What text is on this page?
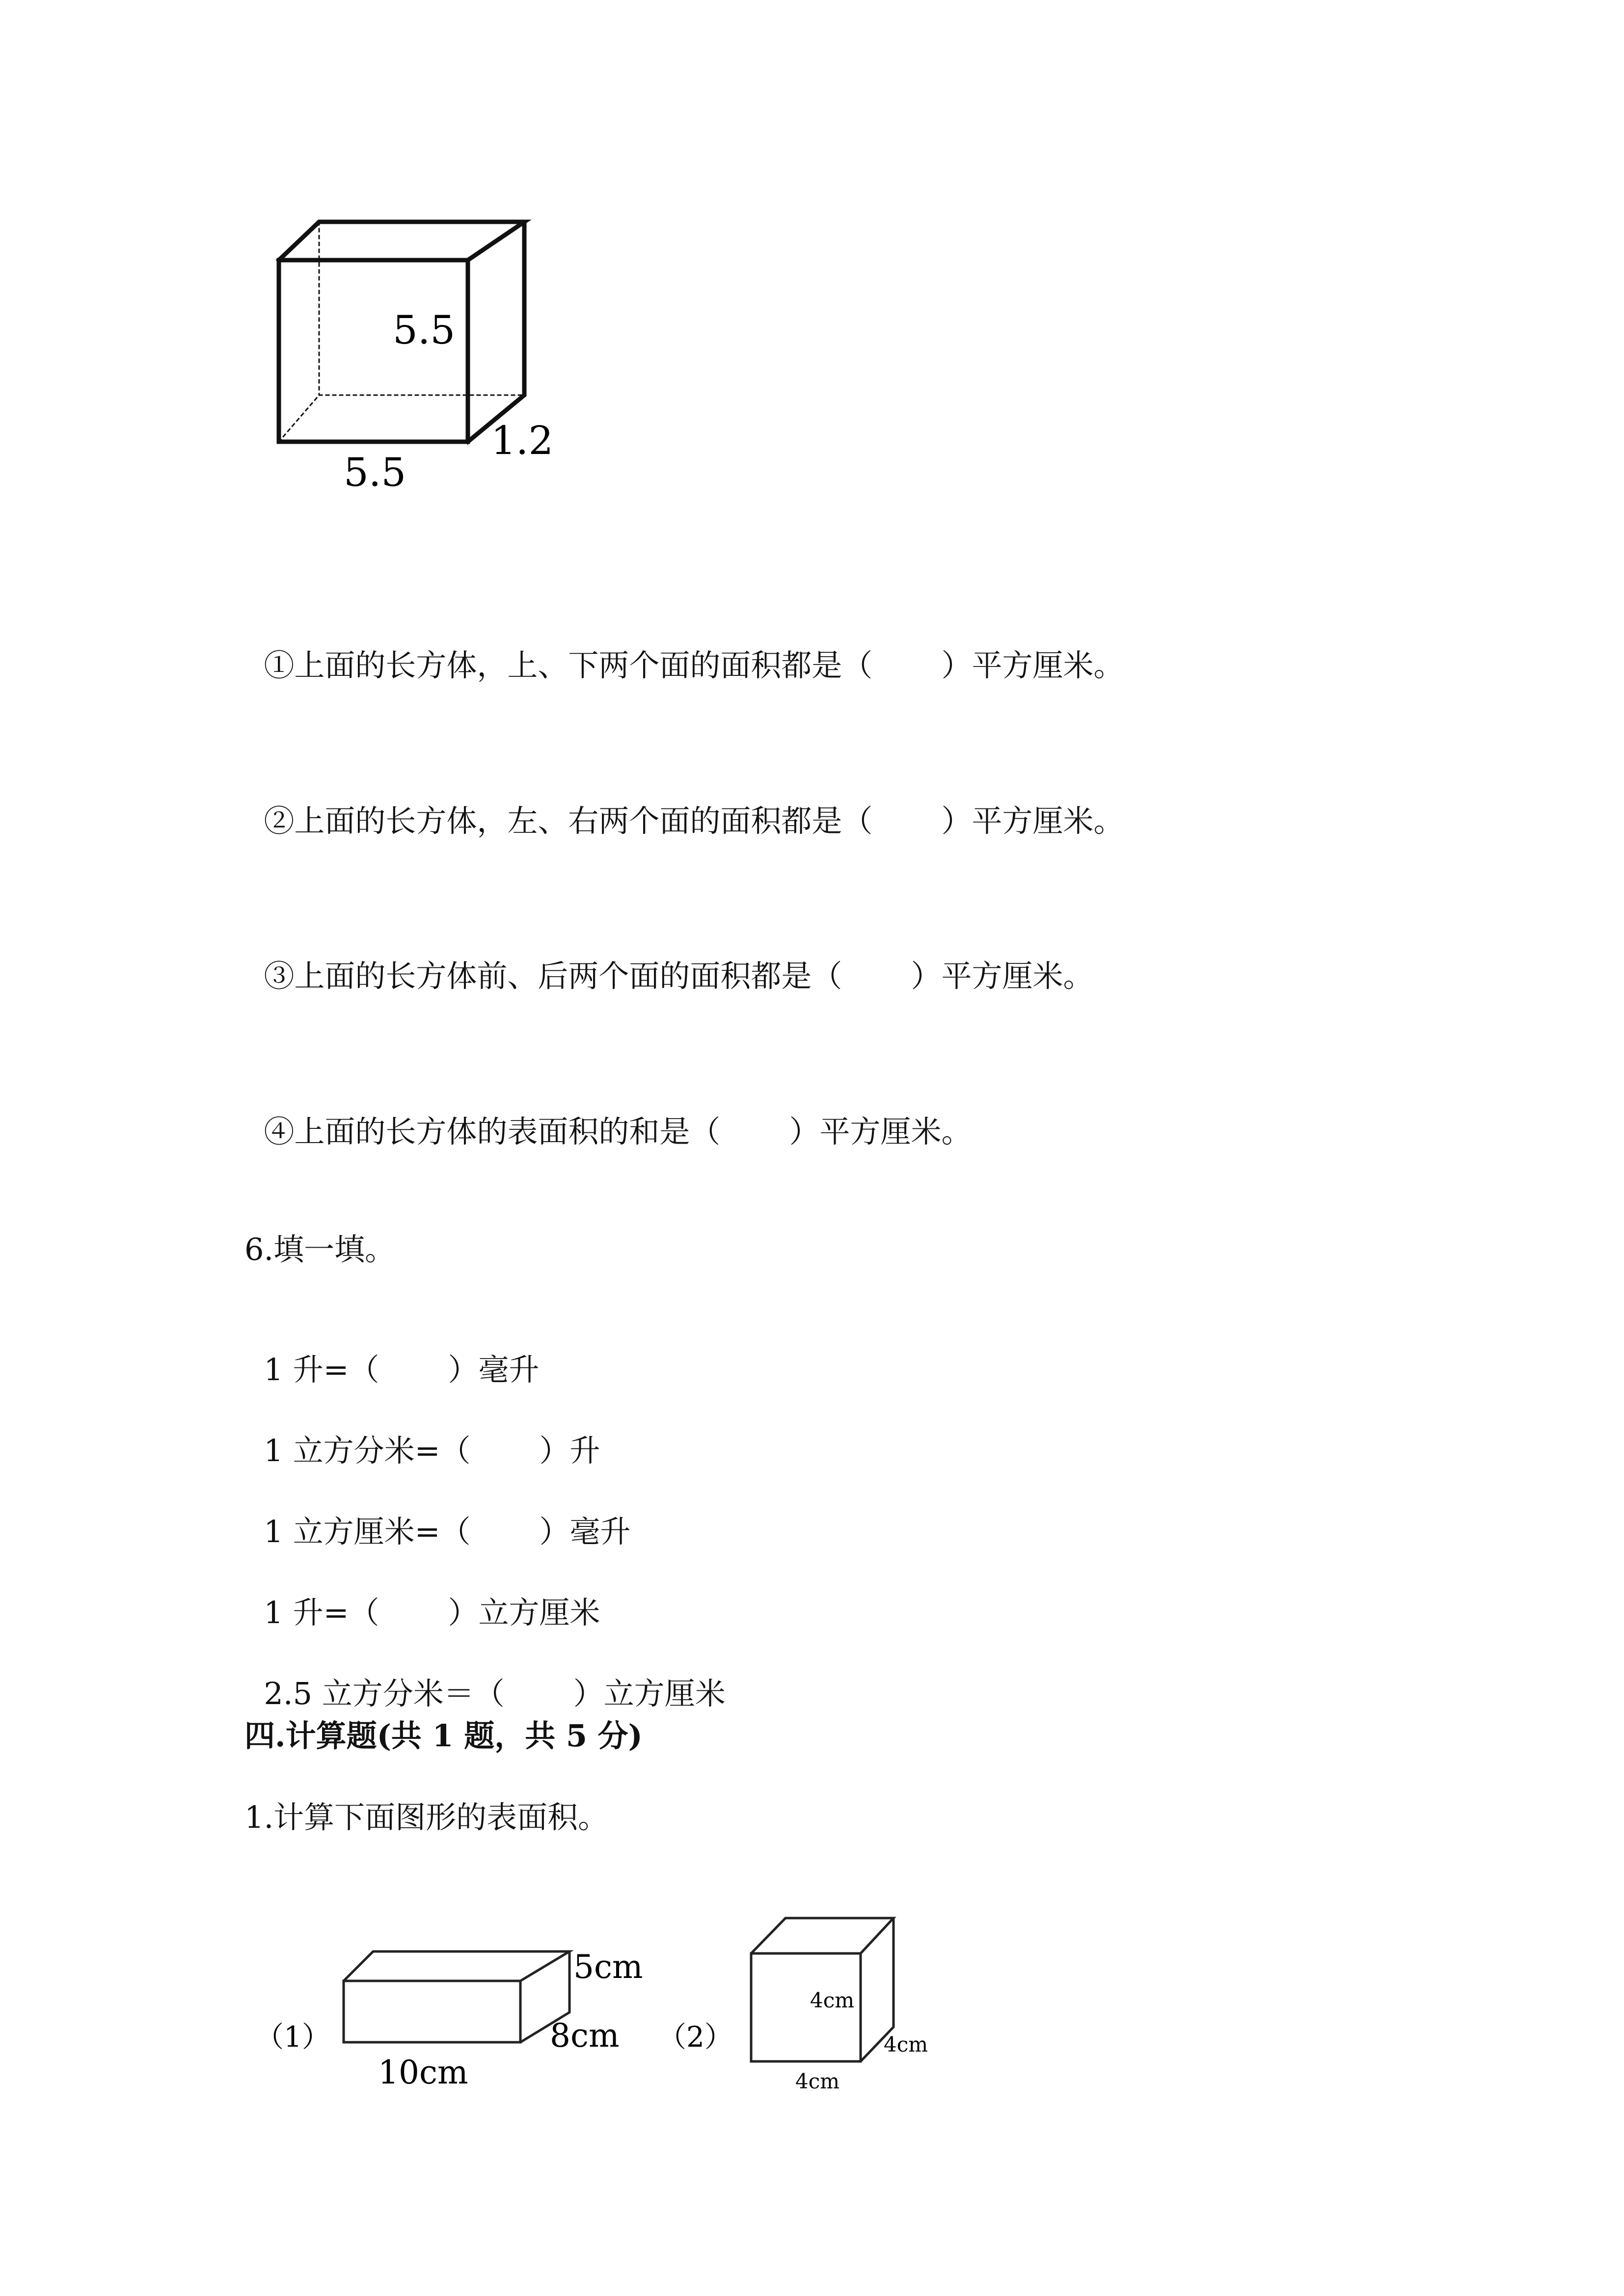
5.5
1.2
5.5

①上面的长方体，上、下两个面的面积都是（ ）平方厘米。

②上面的长方体，左、右两个面的面积都是（ ）平方厘米。

③上面的长方体前、后两个面的面积都是（ ）平方厘米。

④上面的长方体的表面积的和是（ ）平方厘米。

6.填一填。

1 升=（ ）毫升

1 立方分米=（ ）升

1 立方厘米=（ ）毫升

1 升=（ ）立方厘米

2.5 立方分米＝（ ）立方厘米

四.计算题(共 1 题，共 5 分)
1.计算下面图形的表面积。
（1）
5cm
8cm
10cm
（2）
4cm
4cm
4cm
